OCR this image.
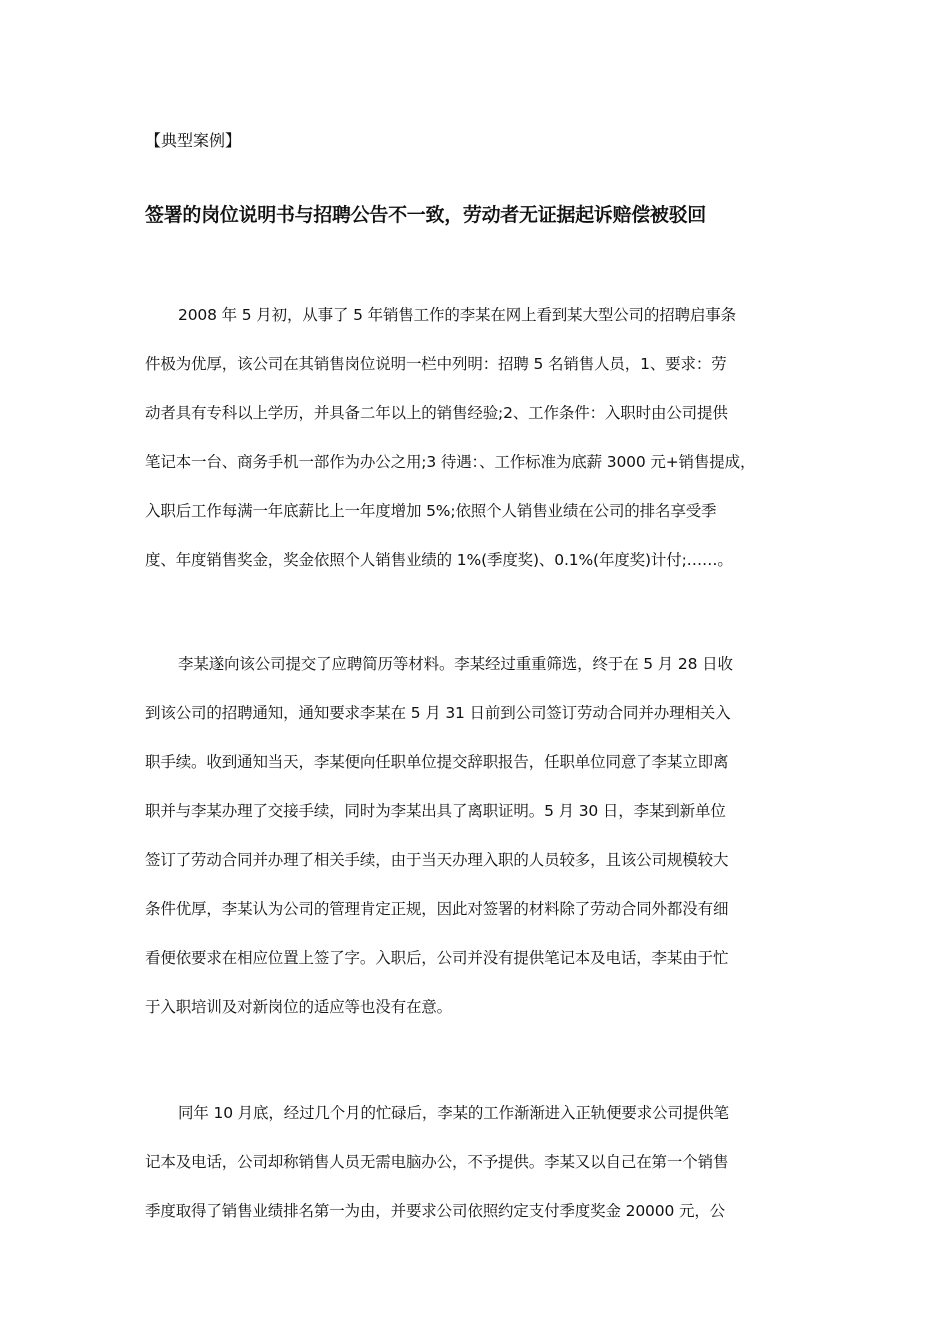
【典型案例】
签署的岗位说明书与招聘公告不一致，劳动者无证据起诉赔偿被驳回
2008 年 5 月初，从事了 5 年销售工作的李某在网上看到某大型公司的招聘启事条
件极为优厚，该公司在其销售岗位说明一栏中列明：招聘 5 名销售人员，1、要求：劳
动者具有专科以上学历，并具备二年以上的销售经验;2、工作条件：入职时由公司提供
笔记本一台、商务手机一部作为办公之用;3 待遇：、工作标准为底薪 3000 元+销售提成，
入职后工作每满一年底薪比上一年度增加 5%;依照个人销售业绩在公司的排名享受季
度、年度销售奖金，奖金依照个人销售业绩的 1%(季度奖)、0.1%(年度奖)计付;……。
李某遂向该公司提交了应聘简历等材料。李某经过重重筛选，终于在 5 月 28 日收
到该公司的招聘通知，通知要求李某在 5 月 31 日前到公司签订劳动合同并办理相关入
职手续。收到通知当天，李某便向任职单位提交辞职报告，任职单位同意了李某立即离
职并与李某办理了交接手续，同时为李某出具了离职证明。5 月 30 日，李某到新单位
签订了劳动合同并办理了相关手续，由于当天办理入职的人员较多，且该公司规模较大
条件优厚，李某认为公司的管理肯定正规，因此对签署的材料除了劳动合同外都没有细
看便依要求在相应位置上签了字。入职后，公司并没有提供笔记本及电话，李某由于忙
于入职培训及对新岗位的适应等也没有在意。
同年 10 月底，经过几个月的忙碌后，李某的工作渐渐进入正轨便要求公司提供笔
记本及电话，公司却称销售人员无需电脑办公，不予提供。李某又以自己在第一个销售
季度取得了销售业绩排名第一为由，并要求公司依照约定支付季度奖金 20000 元，公
